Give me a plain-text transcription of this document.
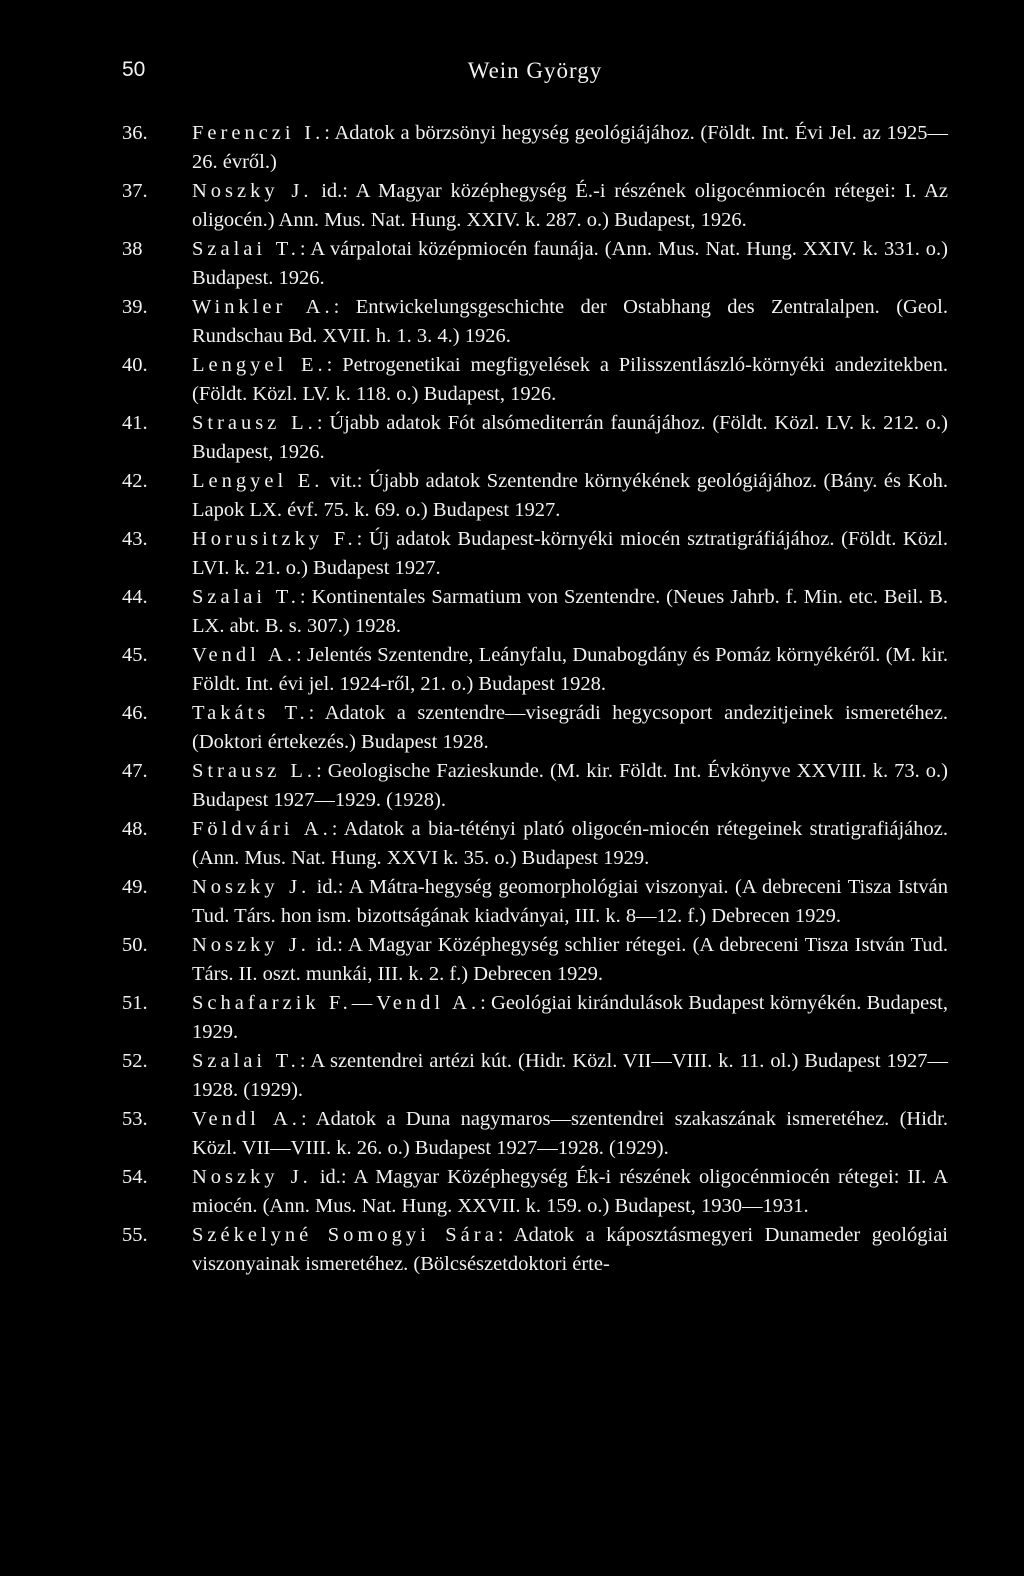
50	Wein György

36.	Ferenczi I.: Adatok a börzsönyi hegység geológiájához. (Földt. Int. Évi Jel. az 1925—26. évről.)

37.	Noszky J. id.: A Magyar középhegység É.-i részének oligocénmiocén rétegei: I. Az oligocén.) Ann. Mus. Nat. Hung. XXIV. k. 287. o.) Budapest, 1926.

38	Szalai T.: A várpalotai középmiocén faunája. (Ann. Mus. Nat. Hung. XXIV. k. 331. o.) Budapest. 1926.

39.	Winkler A.: Entwickelungsgeschichte der Ostabhang des Zentralalpen. (Geol. Rundschau Bd. XVII. h. 1. 3. 4.) 1926.

40.	Lengyel E.: Petrogenetikai megfigyelések a Pilisszentlászló-környéki andezitekben. (Földt. Közl. LV. k. 118. o.) Budapest, 1926.

41.	Strausz L.: Újabb adatok Fót alsómediterrán faunájához. (Földt. Közl. LV. k. 212. o.) Budapest, 1926.

42.	Lengyel E. vit.: Újabb adatok Szentendre környékének geológiájához. (Bány. és Koh. Lapok LX. évf. 75. k. 69. o.) Budapest 1927.

43.	Horusitzky F.: Új adatok Budapest-környéki miocén sztratigráfiájához. (Földt. Közl. LVI. k. 21. o.) Budapest 1927.

44.	Szalai T.: Kontinentales Sarmatium von Szentendre. (Neues Jahrb. f. Min. etc. Beil. B. LX. abt. B. s. 307.) 1928.

45.	Vendl A.: Jelentés Szentendre, Leányfalu, Dunabogdány és Pomáz környékéről. (M. kir. Földt. Int. évi jel. 1924-ről, 21. o.) Budapest 1928.

46.	Takáts T.: Adatok a szentendre—visegrádi hegycsoport andezitjeinek ismeretéhez. (Doktori értekezés.) Budapest 1928.

47.	Strausz L.: Geologische Fazieskunde. (M. kir. Földt. Int. Évkönyve XXVIII. k. 73. o.) Budapest 1927—1929. (1928).

48.	Földvári A.: Adatok a bia-tétényi plató oligocén-miocén rétegeinek stratigrafiájához. (Ann. Mus. Nat. Hung. XXVI k. 35. o.) Budapest 1929.

49.	Noszky J. id.: A Mátra-hegység geomorphológiai viszonyai. (A debreceni Tisza István Tud. Társ. hon ism. bizottságának kiadványai, III. k. 8—12. f.) Debrecen 1929.

50.	Noszky J. id.: A Magyar Középhegység schlier rétegei. (A debreceni Tisza István Tud. Társ. II. oszt. munkái, III. k. 2. f.) Debrecen 1929.

51.	Schafarzik F.—Vendl A.: Geológiai kirándulások Budapest környékén. Budapest, 1929.

52.	Szalai T.: A szentendrei artézi kút. (Hidr. Közl. VII—VIII. k. 11. ol.) Budapest 1927—1928. (1929).

53.	Vendl A.: Adatok a Duna nagymaros—szentendrei szakaszának ismeretéhez. (Hidr. Közl. VII—VIII. k. 26. o.) Budapest 1927—1928. (1929).

54.	Noszky J. id.: A Magyar Középhegység Ék-i részének oligocénmiocén rétegei: II. A miocén. (Ann. Mus. Nat. Hung. XXVII. k. 159. o.) Budapest, 1930—1931.

55.	Székelyné Somogyi Sára: Adatok a káposztásmegyeri Dunameder geológiai viszonyainak ismeretéhez. (Bölcsészetdoktori érte-
